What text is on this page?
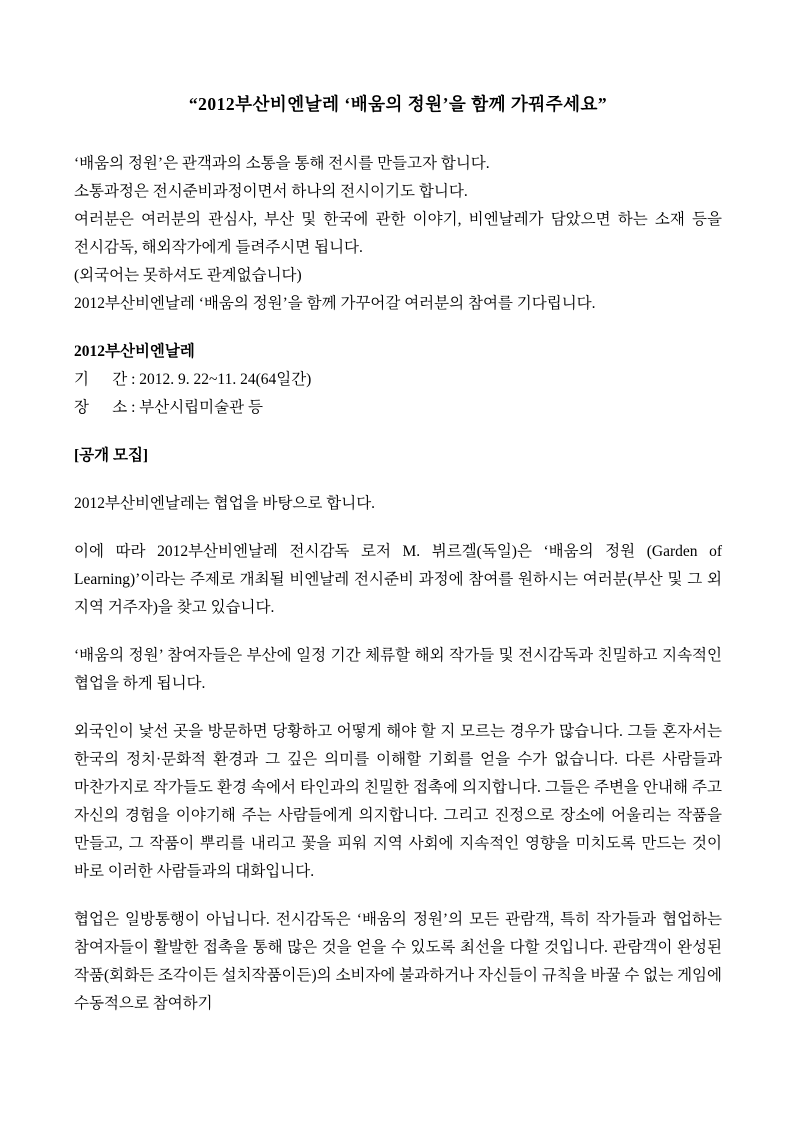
“2012부산비엔날레 ‘배움의 정원’을 함께 가꿔주세요”

‘배움의 정원’은 관객과의 소통을 통해 전시를 만들고자 합니다.

소통과정은 전시준비과정이면서 하나의 전시이기도 합니다.

여러분은 여러분의 관심사, 부산 및 한국에 관한 이야기, 비엔날레가 담았으면 하는 소재 등을 전시감독, 해외작가에게 들려주시면 됩니다.

(외국어는 못하셔도 관계없습니다)

2012부산비엔날레 ‘배움의 정원’을 함께 가꾸어갈 여러분의 참여를 기다립니다.

2012부산비엔날레

기      간 : 2012. 9. 22~11. 24(64일간)

장      소 : 부산시립미술관 등

[공개 모집]

2012부산비엔날레는 협업을 바탕으로 합니다.

이에 따라 2012부산비엔날레 전시감독 로저 M. 뷔르겔(독일)은 ‘배움의 정원 (Garden of Learning)’이라는 주제로 개최될 비엔날레 전시준비 과정에 참여를 원하시는 여러분(부산 및 그 외 지역 거주자)을 찾고 있습니다.

‘배움의 정원’ 참여자들은 부산에 일정 기간 체류할 해외 작가들 및 전시감독과 친밀하고 지속적인 협업을 하게 됩니다.

외국인이 낯선 곳을 방문하면 당황하고 어떻게 해야 할 지 모르는 경우가 많습니다. 그들 혼자서는 한국의 정치·문화적 환경과 그 깊은 의미를 이해할 기회를 얻을 수가 없습니다. 다른 사람들과 마찬가지로 작가들도 환경 속에서 타인과의 친밀한 접촉에 의지합니다. 그들은 주변을 안내해 주고 자신의 경험을 이야기해 주는 사람들에게 의지합니다. 그리고 진정으로 장소에 어울리는 작품을 만들고, 그 작품이 뿌리를 내리고 꽃을 피워 지역 사회에 지속적인 영향을 미치도록 만드는 것이 바로 이러한 사람들과의 대화입니다.

협업은 일방통행이 아닙니다. 전시감독은 ‘배움의 정원’의 모든 관람객, 특히 작가들과 협업하는 참여자들이 활발한 접촉을 통해 많은 것을 얻을 수 있도록 최선을 다할 것입니다. 관람객이 완성된 작품(회화든 조각이든 설치작품이든)의 소비자에 불과하거나 자신들이 규칙을 바꿀 수 없는 게임에 수동적으로 참여하기
